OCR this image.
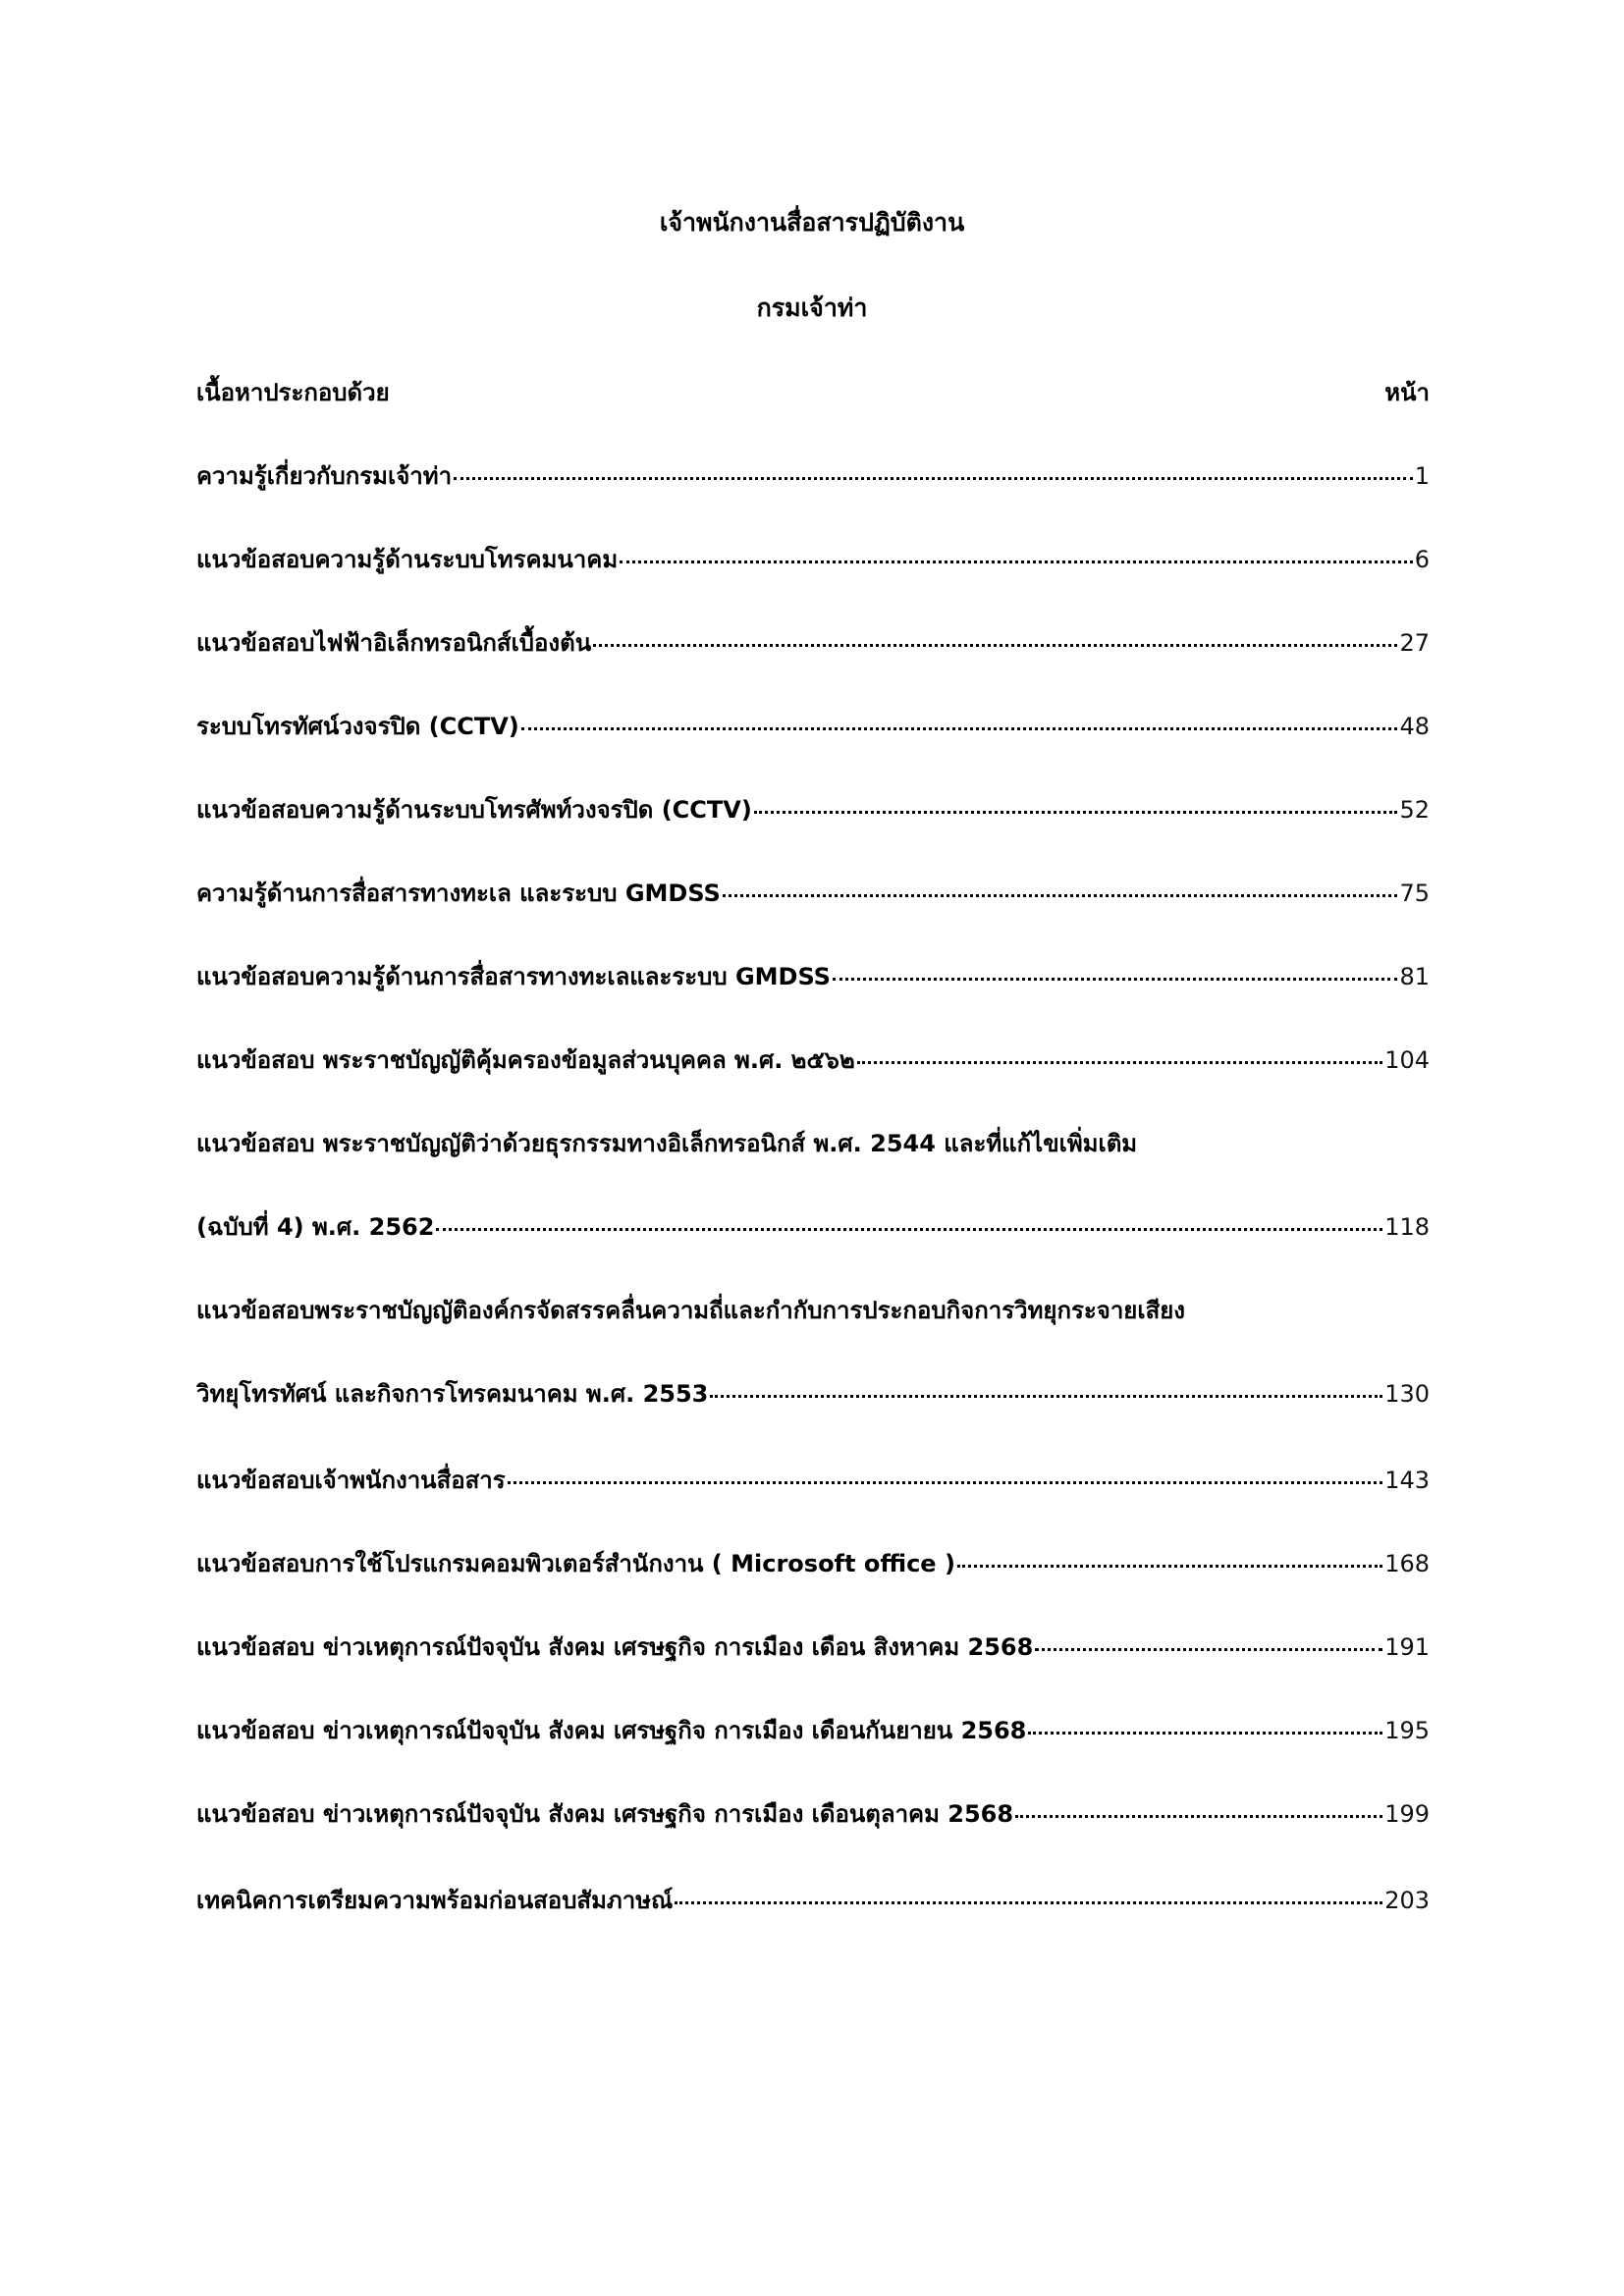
เจ้าพนักงานสื่อสารปฏิบัติงาน
กรมเจ้าท่า
เนื้อหาประกอบด้วย	หน้า
ความรู้เกี่ยวกับกรมเจ้าท่า	1
แนวข้อสอบความรู้ด้านระบบโทรคมนาคม	6
แนวข้อสอบไฟฟ้าอิเล็กทรอนิกส์เบื้องต้น	27
ระบบโทรทัศน์วงจรปิด (CCTV)	48
แนวข้อสอบความรู้ด้านระบบโทรศัพท์วงจรปิด (CCTV)	52
ความรู้ด้านการสื่อสารทางทะเล และระบบ GMDSS	75
แนวข้อสอบความรู้ด้านการสื่อสารทางทะเลและระบบ GMDSS	81
แนวข้อสอบ พระราชบัญญัติคุ้มครองข้อมูลส่วนบุคคล พ.ศ. ๒๕๖๒	104
แนวข้อสอบ พระราชบัญญัติว่าด้วยธุรกรรมทางอิเล็กทรอนิกส์ พ.ศ. 2544 และที่แก้ไขเพิ่มเติม
(ฉบับที่ 4) พ.ศ. 2562	118
แนวข้อสอบพระราชบัญญัติองค์กรจัดสรรคลื่นความถี่และกำกับการประกอบกิจการวิทยุกระจายเสียง
วิทยุโทรทัศน์ และกิจการโทรคมนาคม พ.ศ. 2553	130
แนวข้อสอบเจ้าพนักงานสื่อสาร	143
แนวข้อสอบการใช้โปรแกรมคอมพิวเตอร์สำนักงาน ( Microsoft office )	168
แนวข้อสอบ ข่าวเหตุการณ์ปัจจุบัน สังคม เศรษฐกิจ การเมือง เดือน สิงหาคม 2568	191
แนวข้อสอบ ข่าวเหตุการณ์ปัจจุบัน สังคม เศรษฐกิจ การเมือง เดือนกันยายน 2568	195
แนวข้อสอบ ข่าวเหตุการณ์ปัจจุบัน สังคม เศรษฐกิจ การเมือง เดือนตุลาคม 2568	199
เทคนิคการเตรียมความพร้อมก่อนสอบสัมภาษณ์	203
